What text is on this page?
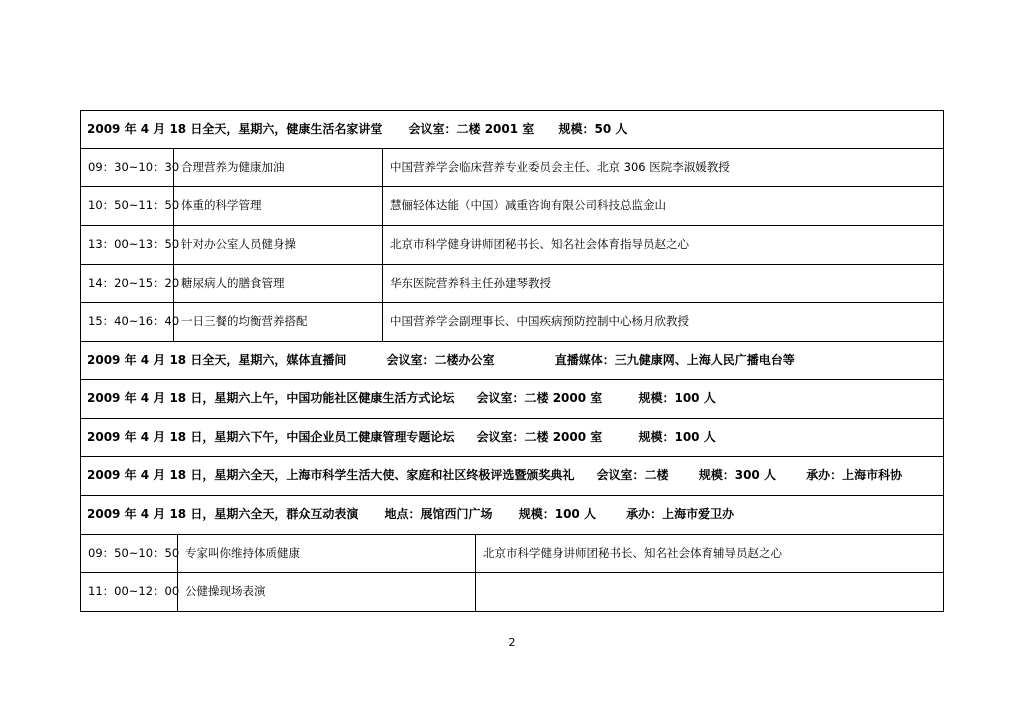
2009 年 4 月 18 日全天，星期六，健康生活名家讲堂 会议室：二楼 2001 室 规模：50 人
09：30~10：30 合理营养为健康加油	中国营养学会临床营养专业委员会主任、北京 306 医院李淑媛教授
10：50~11：50 体重的科学管理	慧俪轻体达能（中国）减重咨询有限公司科技总监金山
13：00~13：50 针对办公室人员健身操	北京市科学健身讲师团秘书长、知名社会体育指导员赵之心
14：20~15：20 糖尿病人的膳食管理	华东医院营养科主任孙建琴教授
15：40~16：40 一日三餐的均衡营养搭配	中国营养学会副理事长、中国疾病预防控制中心杨月欣教授
2009 年 4 月 18 日全天，星期六，媒体直播间	会议室：二楼办公室	直播媒体：三九健康网、上海人民广播电台等
2009 年 4 月 18 日，星期六上午，中国功能社区健康生活方式论坛 会议室：二楼 2000 室	规模：100 人
2009 年 4 月 18 日，星期六下午，中国企业员工健康管理专题论坛 会议室：二楼 2000 室	规模：100 人
2009 年 4 月 18 日，星期六全天，上海市科学生活大使、家庭和社区终极评选暨颁奖典礼 会议室：二楼	规模：300 人	承办：上海市科协
2009 年 4 月 18 日，星期六全天，群众互动表演 地点：展馆西门广场 规模：100 人	承办：上海市爱卫办
09：50~10：50 专家叫你维持体质健康	北京市科学健身讲师团秘书长、知名社会体育辅导员赵之心
11：00~12：00 公健操现场表演
2
